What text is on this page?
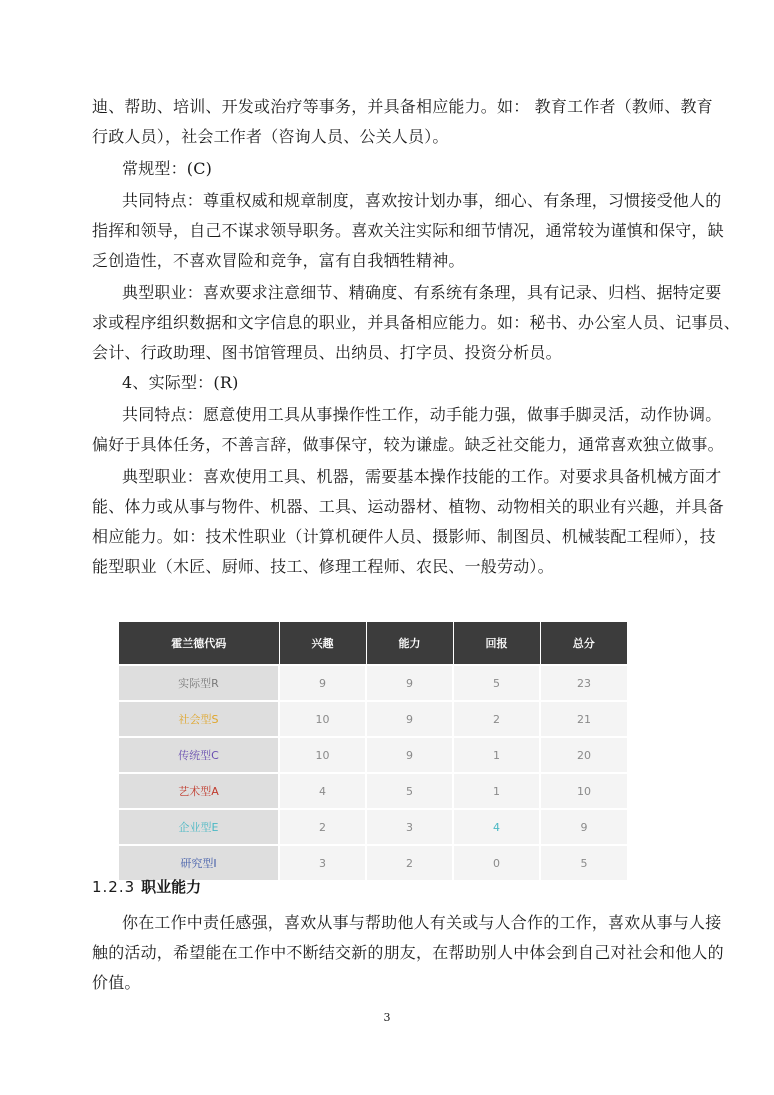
迪、帮助、培训、开发或治疗等事务，并具备相应能力。如： 教育工作者（教师、教育
行政人员），社会工作者（咨询人员、公关人员）。
常规型：(C)
共同特点：尊重权威和规章制度，喜欢按计划办事，细心、有条理，习惯接受他人的
指挥和领导，自己不谋求领导职务。喜欢关注实际和细节情况，通常较为谨慎和保守，缺
乏创造性，不喜欢冒险和竞争，富有自我牺牲精神。
典型职业：喜欢要求注意细节、精确度、有系统有条理，具有记录、归档、据特定要
求或程序组织数据和文字信息的职业，并具备相应能力。如：秘书、办公室人员、记事员、
会计、行政助理、图书馆管理员、出纳员、打字员、投资分析员。
4、实际型：(R)
共同特点：愿意使用工具从事操作性工作，动手能力强，做事手脚灵活，动作协调。
偏好于具体任务，不善言辞，做事保守，较为谦虚。缺乏社交能力，通常喜欢独立做事。
典型职业：喜欢使用工具、机器，需要基本操作技能的工作。对要求具备机械方面才
能、体力或从事与物件、机器、工具、运动器材、植物、动物相关的职业有兴趣，并具备
相应能力。如：技术性职业（计算机硬件人员、摄影师、制图员、机械装配工程师），技
能型职业（木匠、厨师、技工、修理工程师、农民、一般劳动）。
霍兰德代码	兴趣	能力	回报	总分
实际型R	9	9	5	23
社会型S	10	9	2	21
传统型C	10	9	1	20
艺术型A	4	5	1	10
企业型E	2	3	4	9
研究型I	3	2	0	5
1.2.3 职业能力
你在工作中责任感强，喜欢从事与帮助他人有关或与人合作的工作，喜欢从事与人接
触的活动，希望能在工作中不断结交新的朋友，在帮助别人中体会到自己对社会和他人的
价值。
3
